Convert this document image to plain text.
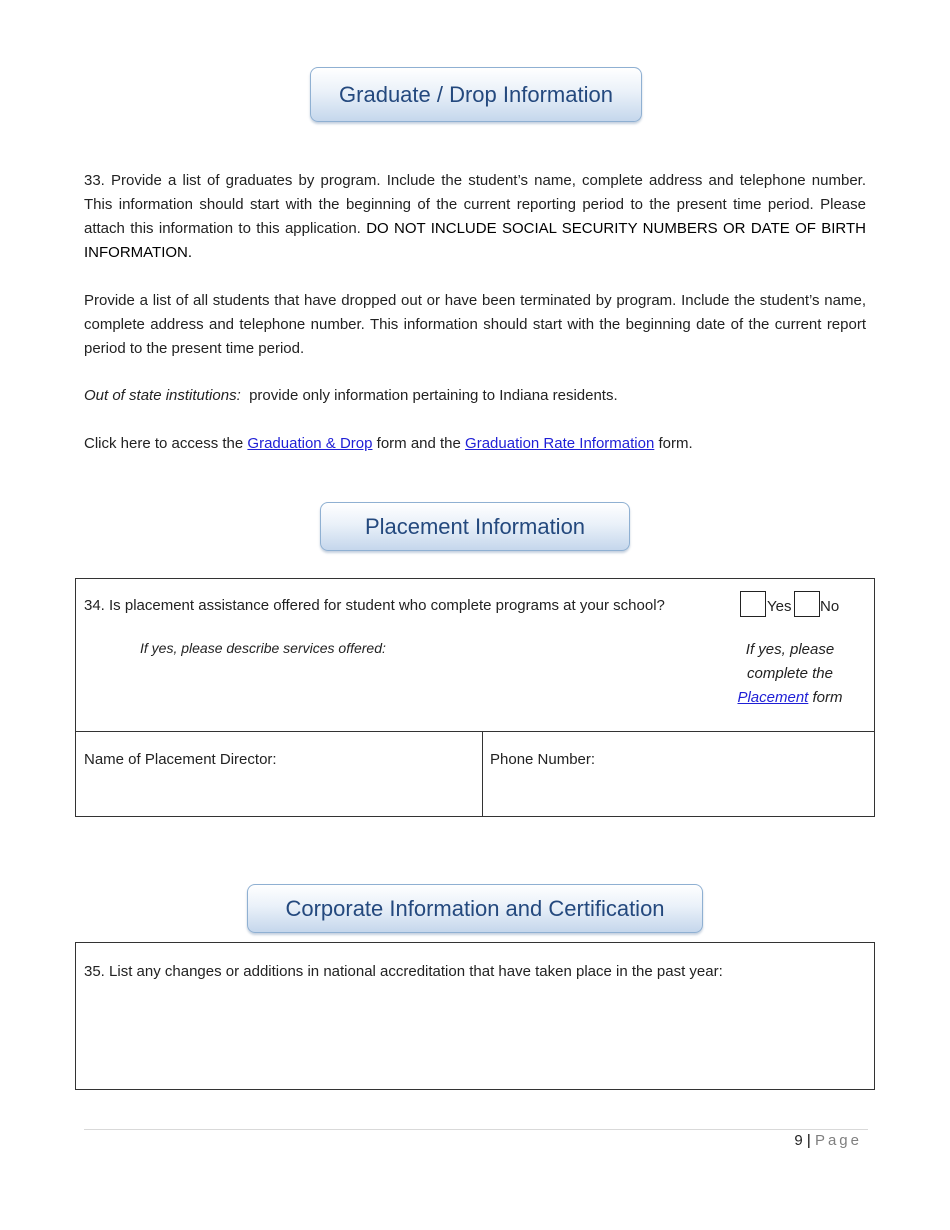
Graduate / Drop Information

33. Provide a list of graduates by program. Include the student’s name, complete address and telephone number. This information should start with the beginning of the current reporting period to the present time period. Please attach this information to this application. DO NOT INCLUDE SOCIAL SECURITY NUMBERS OR DATE OF BIRTH INFORMATION.

Provide a list of all students that have dropped out or have been terminated by program. Include the student’s name, complete address and telephone number. This information should start with the beginning date of the current report period to the present time period.

Out of state institutions:  provide only information pertaining to Indiana residents.

Click here to access the Graduation & Drop form and the Graduation Rate Information form.

Placement Information
34. Is placement assistance offered for student who complete programs at your school?	Yes No
If yes, please describe services offered:	If yes, please
complete the
Placement form
Name of Placement Director:	Phone Number:
Corporate Information and Certification
35. List any changes or additions in national accreditation that have taken place in the past year:
9 | Page
